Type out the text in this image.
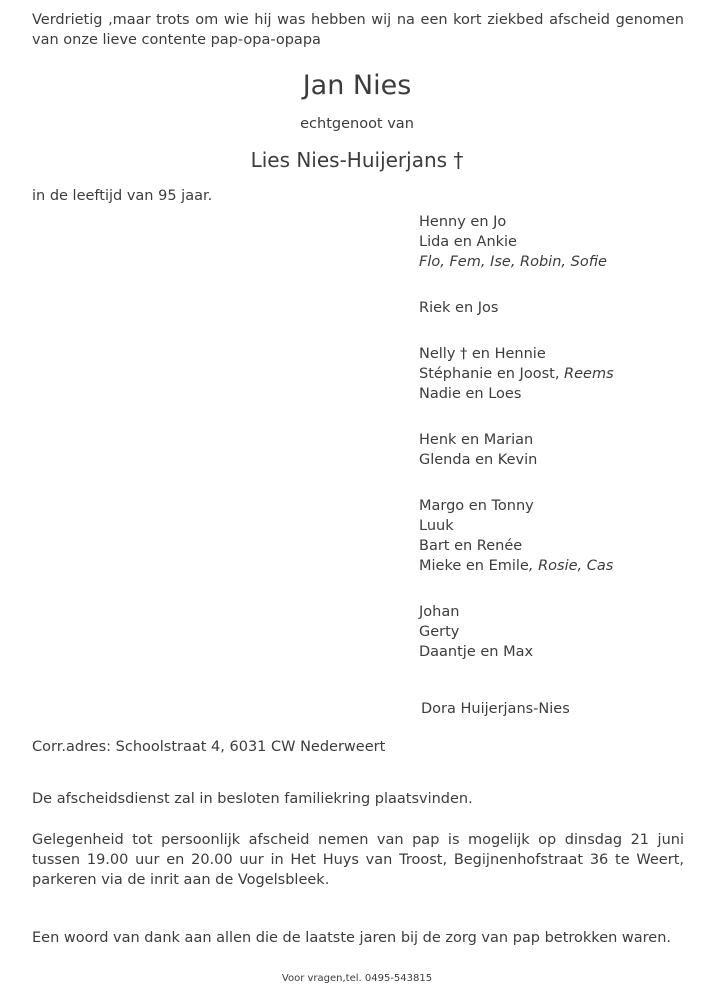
Verdrietig ,maar trots om wie hij was hebben wij na een kort ziekbed afscheid genomen van onze lieve contente pap-opa-opapa
Jan Nies
echtgenoot van
Lies Nies-Huijerjans †
in de leeftijd van 95 jaar.
Henny en Jo
Lida en Ankie
Flo, Fem, Ise, Robin, Sofie
Riek en Jos
Nelly † en Hennie
Stéphanie en Joost, Reems
Nadie en Loes
Henk en Marian
Glenda en Kevin
Margo en Tonny
Luuk
Bart en Renée
Mieke en Emile, Rosie, Cas
Johan
Gerty
Daantje en Max
Dora Huijerjans-Nies
Corr.adres: Schoolstraat 4, 6031 CW Nederweert
De afscheidsdienst zal in besloten familiekring plaatsvinden.
Gelegenheid tot persoonlijk afscheid nemen van pap is mogelijk op dinsdag 21 juni tussen 19.00 uur en 20.00 uur in Het Huys van Troost, Begijnenhofstraat 36 te Weert, parkeren via de inrit aan de Vogelsbleek.
Een woord van dank aan allen die de laatste jaren bij de zorg van pap betrokken waren.
Voor vragen,tel. 0495-543815
